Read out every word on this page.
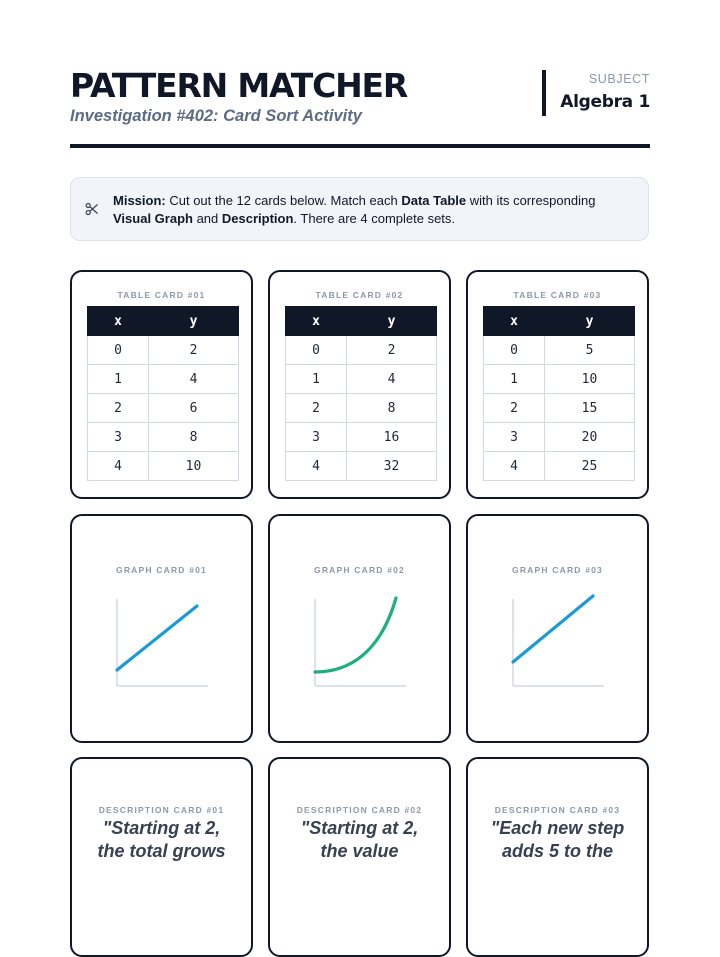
PATTERN MATCHER
Investigation #402: Card Sort Activity
SUBJECT
Algebra 1
Mission: Cut out the 12 cards below. Match each Data Table with its corresponding Visual Graph and Description. There are 4 complete sets.
TABLE CARD #01
x	y
0	2
1	4
2	6
3	8
4	10
TABLE CARD #02
x	y
0	2
1	4
2	8
3	16
4	32
TABLE CARD #03
x	y
0	5
1	10
2	15
3	20
4	25
GRAPH CARD #01	GRAPH CARD #02	GRAPH CARD #03
DESCRIPTION CARD #01
"Starting at 2,
the total grows
DESCRIPTION CARD #02
"Starting at 2,
the value
DESCRIPTION CARD #03
"Each new step
adds 5 to the
